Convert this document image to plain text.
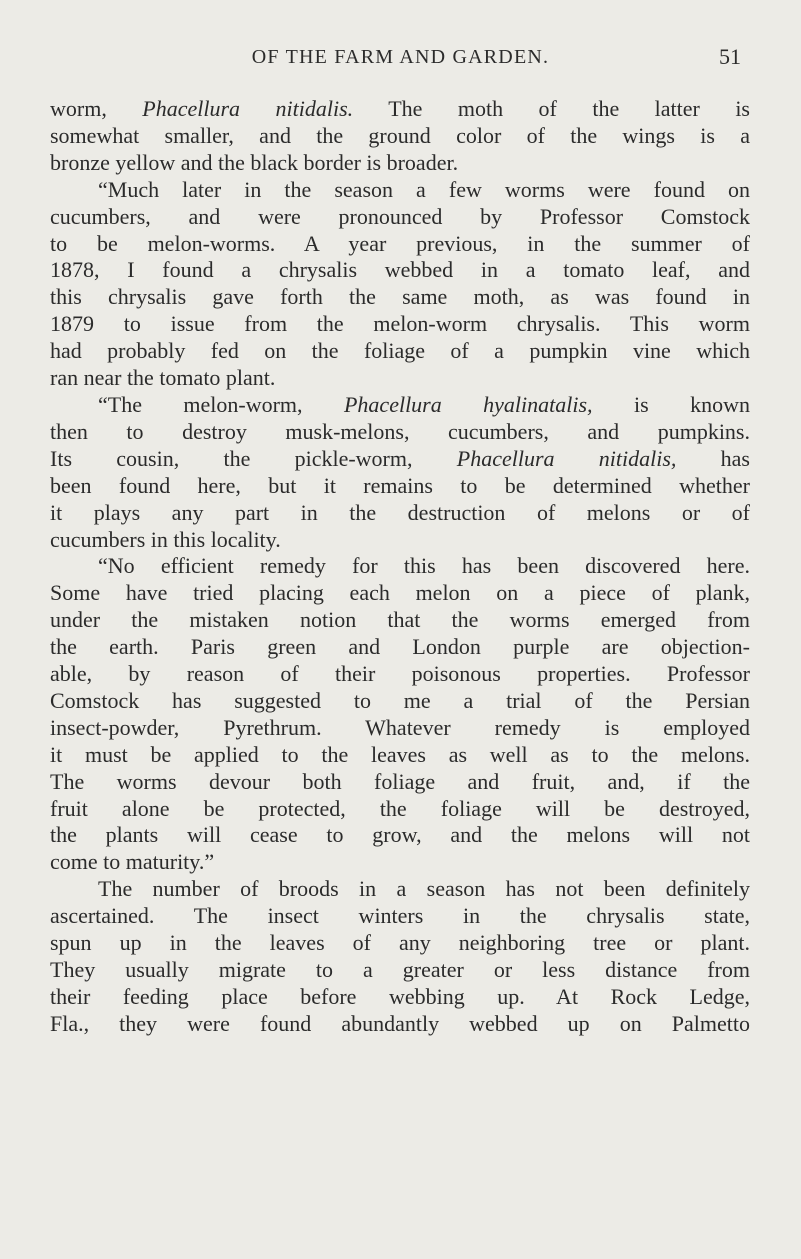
OF THE FARM AND GARDEN.	51
worm, Phacellura nitidalis. The moth of the latter is
somewhat smaller, and the ground color of the wings is a
bronze yellow and the black border is broader.
“Much later in the season a few worms were found on
cucumbers, and were pronounced by Professor Comstock
to be melon-worms. A year previous, in the summer of
1878, I found a chrysalis webbed in a tomato leaf, and
this chrysalis gave forth the same moth, as was found in
1879 to issue from the melon-worm chrysalis. This worm
had probably fed on the foliage of a pumpkin vine which
ran near the tomato plant.
“The melon-worm, Phacellura hyalinatalis, is known
then to destroy musk-melons, cucumbers, and pumpkins.
Its cousin, the pickle-worm, Phacellura nitidalis, has
been found here, but it remains to be determined whether
it plays any part in the destruction of melons or of
cucumbers in this locality.
“No efficient remedy for this has been discovered here.
Some have tried placing each melon on a piece of plank,
under the mistaken notion that the worms emerged from
the earth. Paris green and London purple are objection-
able, by reason of their poisonous properties. Professor
Comstock has suggested to me a trial of the Persian
insect-powder, Pyrethrum. Whatever remedy is employed
it must be applied to the leaves as well as to the melons.
The worms devour both foliage and fruit, and, if the
fruit alone be protected, the foliage will be destroyed,
the plants will cease to grow, and the melons will not
come to maturity.”
The number of broods in a season has not been definitely
ascertained. The insect winters in the chrysalis state,
spun up in the leaves of any neighboring tree or plant.
They usually migrate to a greater or less distance from
their feeding place before webbing up. At Rock Ledge,
Fla., they were found abundantly webbed up on Palmetto
